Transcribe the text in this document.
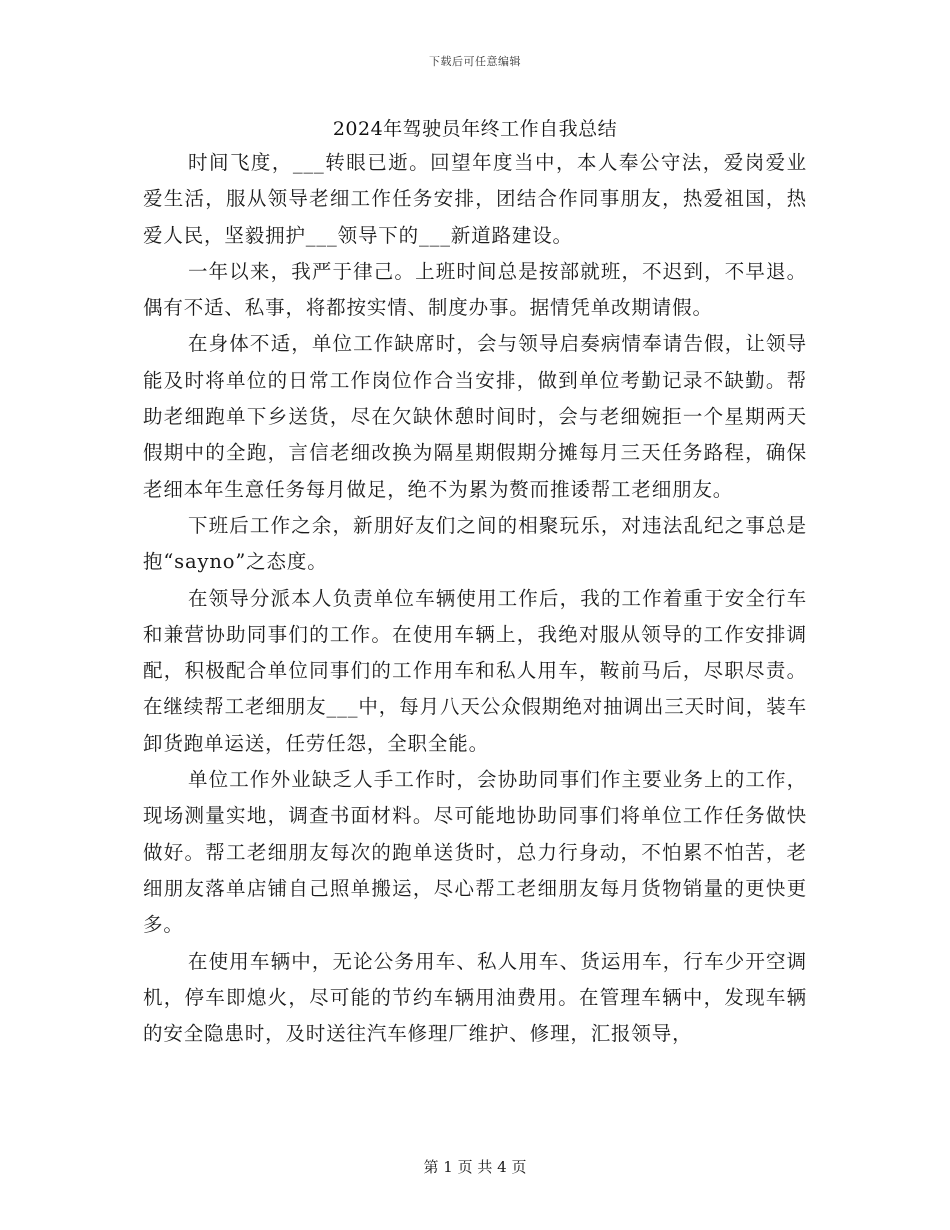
下载后可任意编辑
2024年驾驶员年终工作自我总结

时间飞度，___转眼已逝。回望年度当中，本人奉公守法，爱岗爱业爱生活，服从领导老细工作任务安排，团结合作同事朋友，热爱祖国，热爱人民，坚毅拥护___领导下的___新道路建设。

一年以来，我严于律己。上班时间总是按部就班，不迟到，不早退。偶有不适、私事，将都按实情、制度办事。据情凭单改期请假。

在身体不适，单位工作缺席时，会与领导启奏病情奉请告假，让领导能及时将单位的日常工作岗位作合当安排，做到单位考勤记录不缺勤。帮助老细跑单下乡送货，尽在欠缺休憩时间时，会与老细婉拒一个星期两天假期中的全跑，言信老细改换为隔星期假期分摊每月三天任务路程，确保老细本年生意任务每月做足，绝不为累为赘而推诿帮工老细朋友。

下班后工作之余，新朋好友们之间的相聚玩乐，对违法乱纪之事总是抱“sayno”之态度。

在领导分派本人负责单位车辆使用工作后，我的工作着重于安全行车和兼营协助同事们的工作。在使用车辆上，我绝对服从领导的工作安排调配，积极配合单位同事们的工作用车和私人用车，鞍前马后，尽职尽责。在继续帮工老细朋友___中，每月八天公众假期绝对抽调出三天时间，装车卸货跑单运送，任劳任怨，全职全能。

单位工作外业缺乏人手工作时，会协助同事们作主要业务上的工作，现场测量实地，调查书面材料。尽可能地协助同事们将单位工作任务做快做好。帮工老细朋友每次的跑单送货时，总力行身动，不怕累不怕苦，老细朋友落单店铺自己照单搬运，尽心帮工老细朋友每月货物销量的更快更多。

在使用车辆中，无论公务用车、私人用车、货运用车，行车少开空调机，停车即熄火，尽可能的节约车辆用油费用。在管理车辆中，发现车辆的安全隐患时，及时送往汽车修理厂维护、修理，汇报领导，

第 1 页 共 4 页
